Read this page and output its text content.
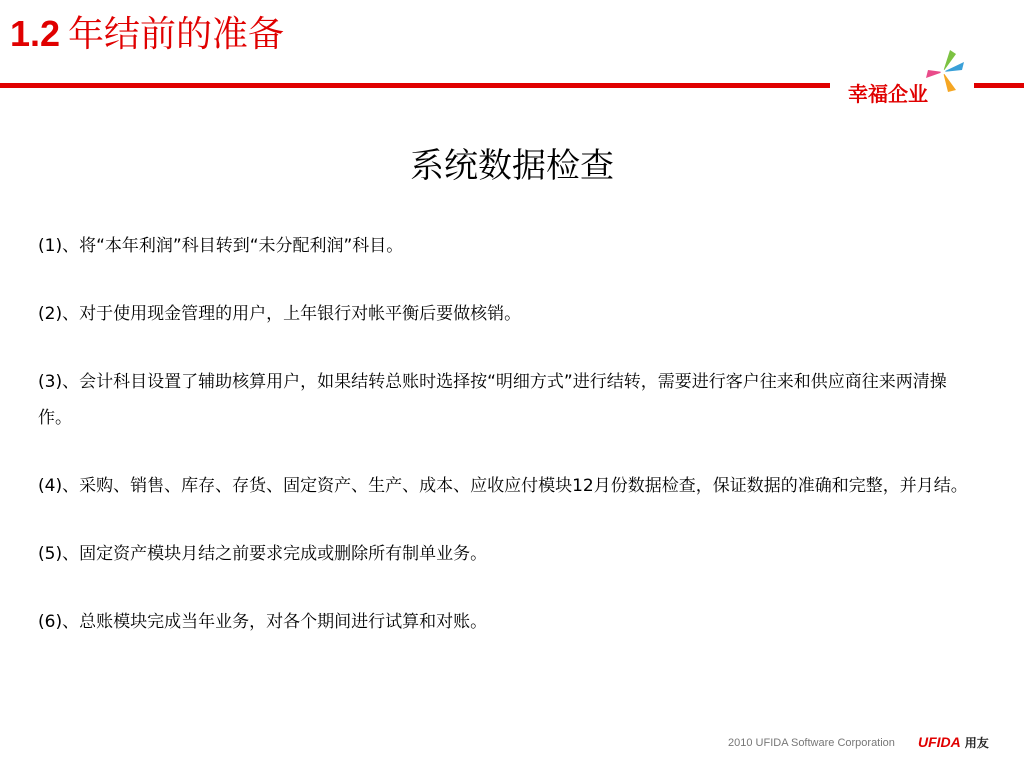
1.2 年结前的准备
幸福企业
系统数据检查

(1)、将“本年利润”科目转到“未分配利润”科目。

(2)、对于使用现金管理的用户，上年银行对帐平衡后要做核销。

(3)、会计科目设置了辅助核算用户，如果结转总账时选择按“明细方式”进行结转，需要进行客户往来和供应商往来两清操作。

(4)、采购、销售、库存、存货、固定资产、生产、成本、应收应付模块12月份数据检查，保证数据的准确和完整，并月结。

(5)、固定资产模块月结之前要求完成或删除所有制单业务。

(6)、总账模块完成当年业务，对各个期间进行试算和对账。

2010 UFIDA Software Corporation UFIDA 用友
